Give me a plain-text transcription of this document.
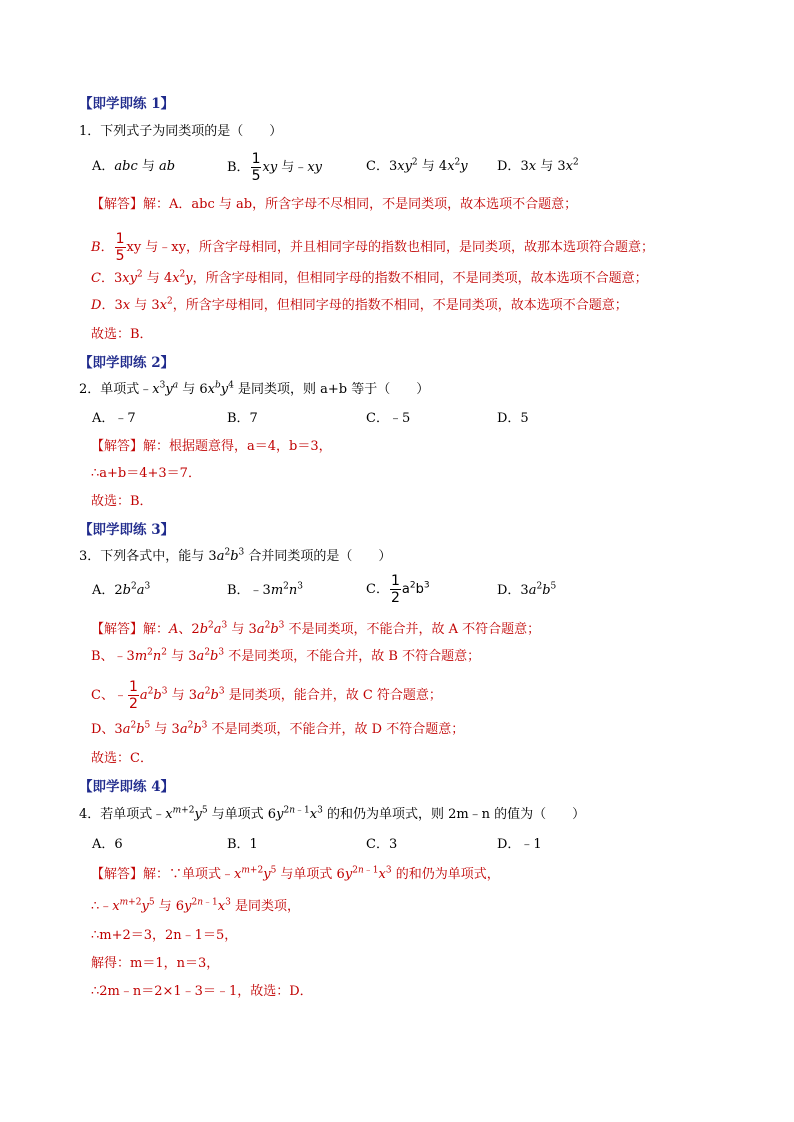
【即学即练 1】
1．下列式子为同类项的是（　　）
A．abc 与 ab	B． $\frac{1}{5}$ xy 与﹣xy	C．$3xy^2$ 与 $4x^2y$ D．3x 与 $3x^2$
【解答】解：A．abc 与 ab，所含字母不尽相同，不是同类项，故本选项不合题意；
B． $\frac{1}{5}$ xy 与﹣xy，所含字母相同，并且相同字母的指数也相同，是同类项，故那本选项符合题意；
C．$3xy^2$ 与 $4x^2y$，所含字母相同，但相同字母的指数不相同，不是同类项，故本选项不合题意；
D．3x 与 $3x^2$，所含字母相同，但相同字母的指数不相同，不是同类项，故本选项不合题意；
故选：B．
【即学即练 2】
2．单项式$﹣x^3y^a$ 与 $6x^by^4$ 是同类项，则 a+b 等于（　　）
A．﹣7	B．7	C．﹣5	D．5
【解答】解：根据题意得，a＝4，b＝3，
∴a+b＝4+3＝7．
故选：B．
【即学即练 3】
3．下列各式中，能与 $3a^2b^3$ 合并同类项的是（　　）
A．$2b^2a^3$	B．$﹣3m^2n^3$	C． $\frac{1}{2} a^2b^3$	D．$3a^2b^5$
【解答】解：A、$2b^2a^3$ 与 $3a^2b^3$ 不是同类项，不能合并，故 A 不符合题意；
B、$﹣3m^2n^2$ 与 $3a^2b^3$ 不是同类项，不能合并，故 B 不符合题意；
C、﹣ $\frac{1}{2} a^2b^3$ 与 $3a^2b^3$ 是同类项，能合并，故 C 符合题意；
D、$3a^2b^5$ 与 $3a^2b^3$ 不是同类项，不能合并，故 D 不符合题意；
故选：C．
【即学即练 4】
4．若单项式$﹣x^{m+2}y^5$ 与单项式 $6y^{2n﹣1}x^3$ 的和仍为单项式，则 2m﹣n 的值为（　　）
A．6	B．1	C．3	D．﹣1
【解答】解：∵单项式$﹣x^{m+2}y^5$ 与单项式 $6y^{2n﹣1}x^3$ 的和仍为单项式，
$\therefore﹣x^{m+2}y^5$ 与 $6y^{2n﹣1}x^3$ 是同类项，
∴m+2＝3，2n﹣1＝5，
解得：m＝1，n＝3，
∴2m﹣n＝2×1﹣3＝﹣1，故选：D．
